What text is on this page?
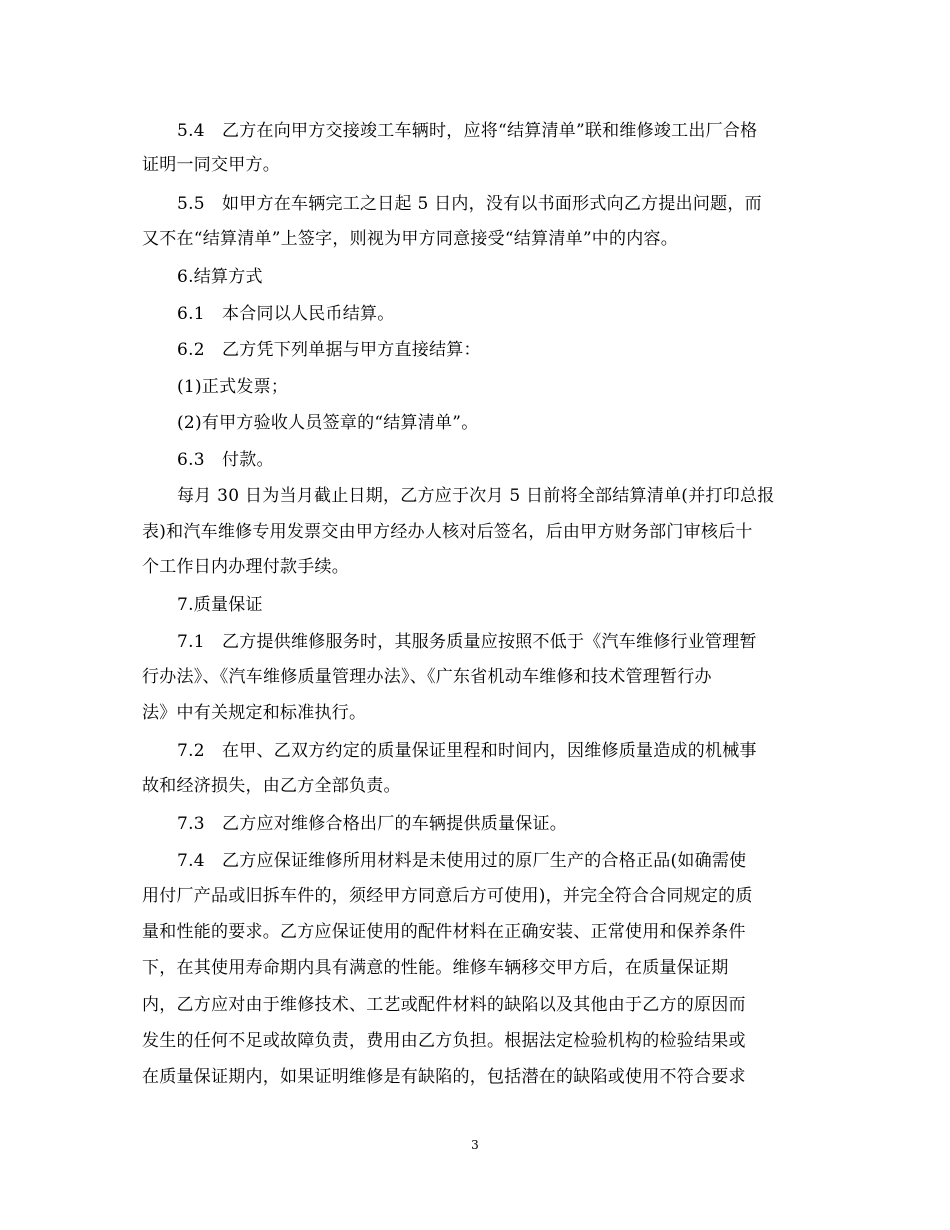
5.4　乙方在向甲方交接竣工车辆时，应将“结算清单”联和维修竣工出厂合格
证明一同交甲方。
5.5　如甲方在车辆完工之日起 5 日内，没有以书面形式向乙方提出问题，而
又不在“结算清单”上签字，则视为甲方同意接受“结算清单”中的内容。
6.结算方式
6.1　本合同以人民币结算。
6.2　乙方凭下列单据与甲方直接结算：
(1)正式发票；
(2)有甲方验收人员签章的“结算清单”。
6.3　付款。
每月 30 日为当月截止日期，乙方应于次月 5 日前将全部结算清单(并打印总报
表)和汽车维修专用发票交由甲方经办人核对后签名，后由甲方财务部门审核后十
个工作日内办理付款手续。
7.质量保证
7.1　乙方提供维修服务时，其服务质量应按照不低于《汽车维修行业管理暂
行办法》、《汽车维修质量管理办法》、《广东省机动车维修和技术管理暂行办
法》中有关规定和标准执行。
7.2　在甲、乙双方约定的质量保证里程和时间内，因维修质量造成的机械事
故和经济损失，由乙方全部负责。
7.3　乙方应对维修合格出厂的车辆提供质量保证。
7.4　乙方应保证维修所用材料是未使用过的原厂生产的合格正品(如确需使
用付厂产品或旧拆车件的，须经甲方同意后方可使用)，并完全符合合同规定的质
量和性能的要求。乙方应保证使用的配件材料在正确安装、正常使用和保养条件
下，在其使用寿命期内具有满意的性能。维修车辆移交甲方后，在质量保证期
内，乙方应对由于维修技术、工艺或配件材料的缺陷以及其他由于乙方的原因而
发生的任何不足或故障负责，费用由乙方负担。根据法定检验机构的检验结果或
在质量保证期内，如果证明维修是有缺陷的，包括潜在的缺陷或使用不符合要求
3
